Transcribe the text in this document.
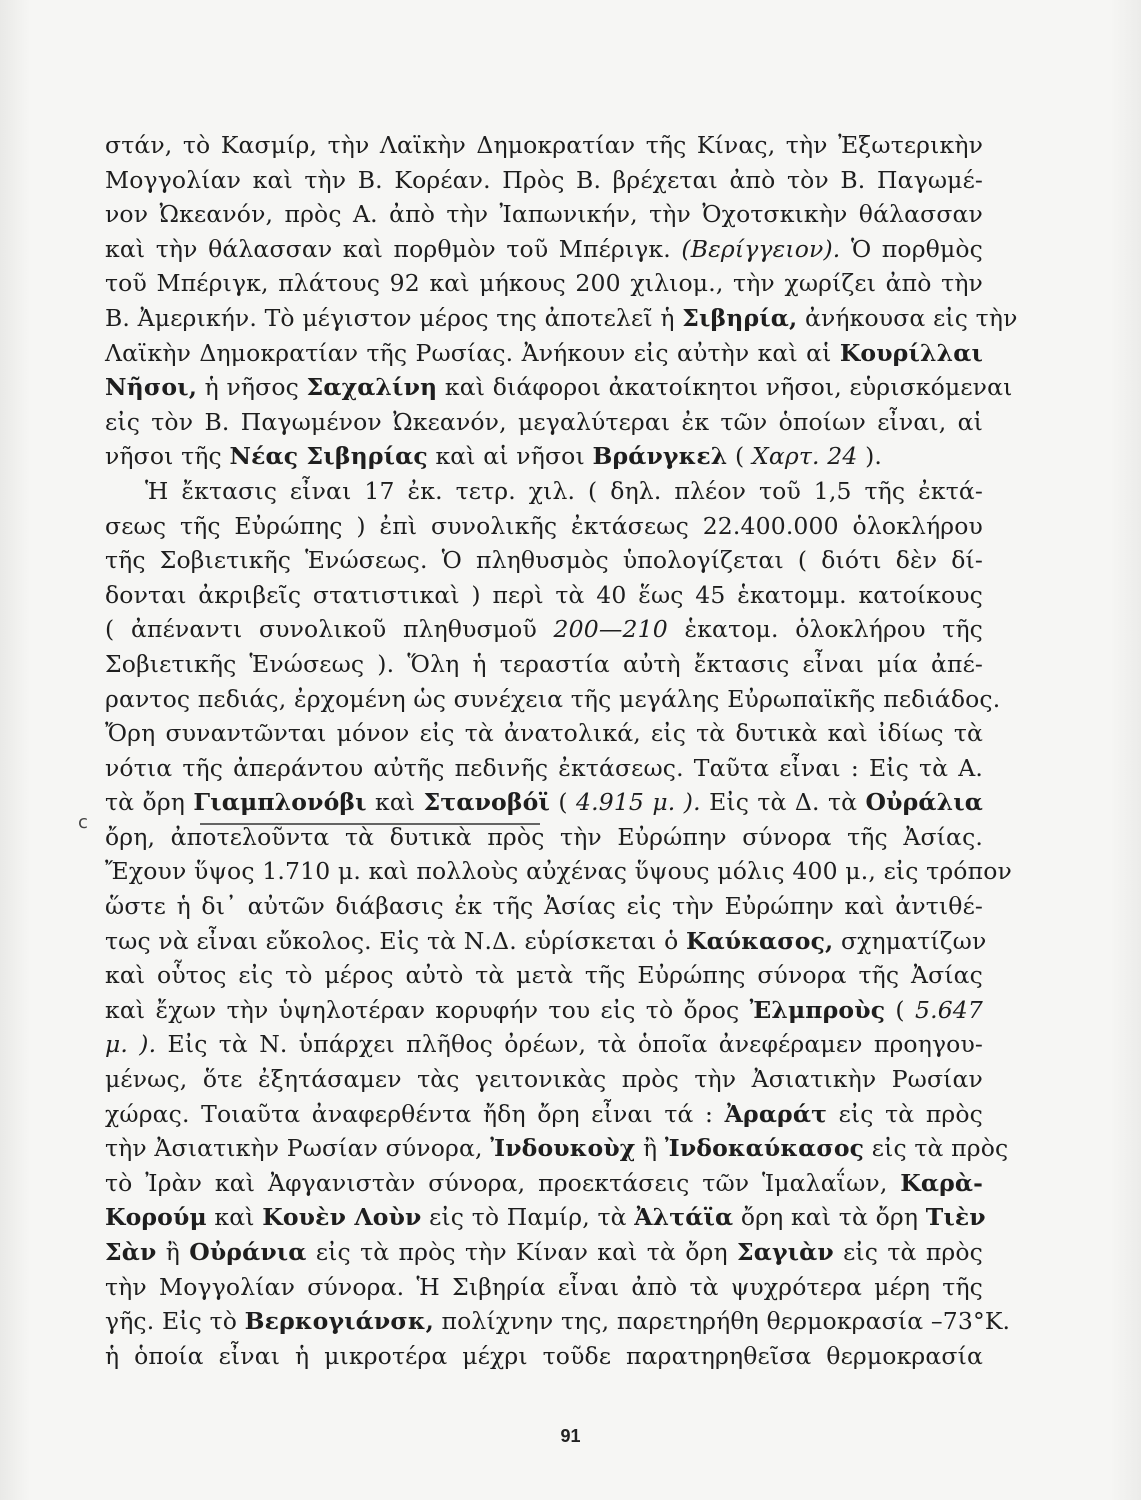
c
στάν, τὸ Κασμίρ, τὴν Λαϊκὴν Δημοκρατίαν τῆς Κίνας, τὴν Ἐξωτερικὴν
Μογγολίαν καὶ τὴν Β. Κορέαν. Πρὸς Β. βρέχεται ἀπὸ τὸν Β. Παγωμέ-
νον Ὠκεανόν, πρὸς Α. ἀπὸ τὴν Ἰαπωνικήν, τὴν Ὀχοτσκικὴν θάλασσαν
καὶ τὴν θάλασσαν καὶ πορθμὸν τοῦ Μπέριγκ. (Βερίγγειον). Ὁ πορθμὸς
τοῦ Μπέριγκ, πλάτους 92 καὶ μήκους 200 χιλιομ., τὴν χωρίζει ἀπὸ τὴν
Β. Ἀμερικήν. Τὸ μέγιστον μέρος της ἀποτελεῖ ἡ Σιβηρία, ἀνήκουσα εἰς τὴν
Λαϊκὴν Δημοκρατίαν τῆς Ρωσίας. Ἀνήκουν εἰς αὐτὴν καὶ αἱ Κουρίλλαι
Νῆσοι, ἡ νῆσος Σαχαλίνη καὶ διάφοροι ἀκατοίκητοι νῆσοι, εὑρισκόμεναι
εἰς τὸν Β. Παγωμένον Ὠκεανόν, μεγαλύτεραι ἐκ τῶν ὁποίων εἶναι, αἱ
νῆσοι τῆς Νέας Σιβηρίας καὶ αἱ νῆσοι Βράνγκελ ( Χαρτ. 24 ).
Ἡ ἔκτασις εἶναι 17 ἐκ. τετρ. χιλ. ( δηλ. πλέον τοῦ 1,5 τῆς ἐκτά-
σεως τῆς Εὐρώπης ) ἐπὶ συνολικῆς ἐκτάσεως 22.400.000 ὁλοκλήρου
τῆς Σοβιετικῆς Ἑνώσεως. Ὁ πληθυσμὸς ὑπολογίζεται ( διότι δὲν δί-
δονται ἀκριβεῖς στατιστικαὶ ) περὶ τὰ 40 ἕως 45 ἑκατομμ. κατοίκους
( ἀπέναντι συνολικοῦ πληθυσμοῦ 200—210 ἑκατομ. ὁλοκλήρου τῆς
Σοβιετικῆς Ἑνώσεως ). Ὅλη ἡ τεραστία αὐτὴ ἔκτασις εἶναι μία ἀπέ-
ραντος πεδιάς, ἐρχομένη ὡς συνέχεια τῆς μεγάλης Εὐρωπαϊκῆς πεδιάδος.
Ὄρη συναντῶνται μόνον εἰς τὰ ἀνατολικά, εἰς τὰ δυτικὰ καὶ ἰδίως τὰ
νότια τῆς ἀπεράντου αὐτῆς πεδινῆς ἐκτάσεως. Ταῦτα εἶναι : Εἰς τὰ Α.
τὰ ὄρη Γιαμπλονόβι καὶ Στανοβόϊ ( 4.915 μ. ). Εἰς τὰ Δ. τὰ Οὐράλια
ὄρη, ἀποτελοῦντα τὰ δυτικὰ πρὸς τὴν Εὐρώπην σύνορα τῆς Ἀσίας.
Ἔχουν ὕψος 1.710 μ. καὶ πολλοὺς αὐχένας ὕψους μόλις 400 μ., εἰς τρόπον
ὥστε ἡ δι᾽ αὐτῶν διάβασις ἐκ τῆς Ἀσίας εἰς τὴν Εὐρώπην καὶ ἀντιθέ-
τως νὰ εἶναι εὔκολος. Εἰς τὰ Ν.Δ. εὑρίσκεται ὁ Καύκασος, σχηματίζων
καὶ οὗτος εἰς τὸ μέρος αὐτὸ τὰ μετὰ τῆς Εὐρώπης σύνορα τῆς Ἀσίας
καὶ ἔχων τὴν ὑψηλοτέραν κορυφήν του εἰς τὸ ὄρος Ἐλμπροὺς ( 5.647
μ. ). Εἰς τὰ Ν. ὑπάρχει πλῆθος ὀρέων, τὰ ὁποῖα ἀνεφέραμεν προηγου-
μένως, ὅτε ἐξητάσαμεν τὰς γειτονικὰς πρὸς τὴν Ἀσιατικὴν Ρωσίαν
χώρας. Τοιαῦτα ἀναφερθέντα ἤδη ὄρη εἶναι τά : Ἀραράτ εἰς τὰ πρὸς
τὴν Ἀσιατικὴν Ρωσίαν σύνορα, Ἰνδουκοὺχ ἢ Ἰνδοκαύκασος εἰς τὰ πρὸς
τὸ Ἰρὰν καὶ Ἀφγανιστὰν σύνορα, προεκτάσεις τῶν Ἱμαλαΐων, Καρὰ-
Κορούμ καὶ Κουὲν Λοὺν εἰς τὸ Παμίρ, τὰ Ἀλτάϊα ὄρη καὶ τὰ ὄρη Τιὲν
Σὰν ἢ Οὐράνια εἰς τὰ πρὸς τὴν Κίναν καὶ τὰ ὄρη Σαγιὰν εἰς τὰ πρὸς
τὴν Μογγολίαν σύνορα. Ἡ Σιβηρία εἶναι ἀπὸ τὰ ψυχρότερα μέρη τῆς
γῆς. Εἰς τὸ Βερκογιάνσκ, πολίχνην της, παρετηρήθη θερμοκρασία –73°Κ.
ἡ ὁποία εἶναι ἡ μικροτέρα μέχρι τοῦδε παρατηρηθεῖσα θερμοκρασία
91
